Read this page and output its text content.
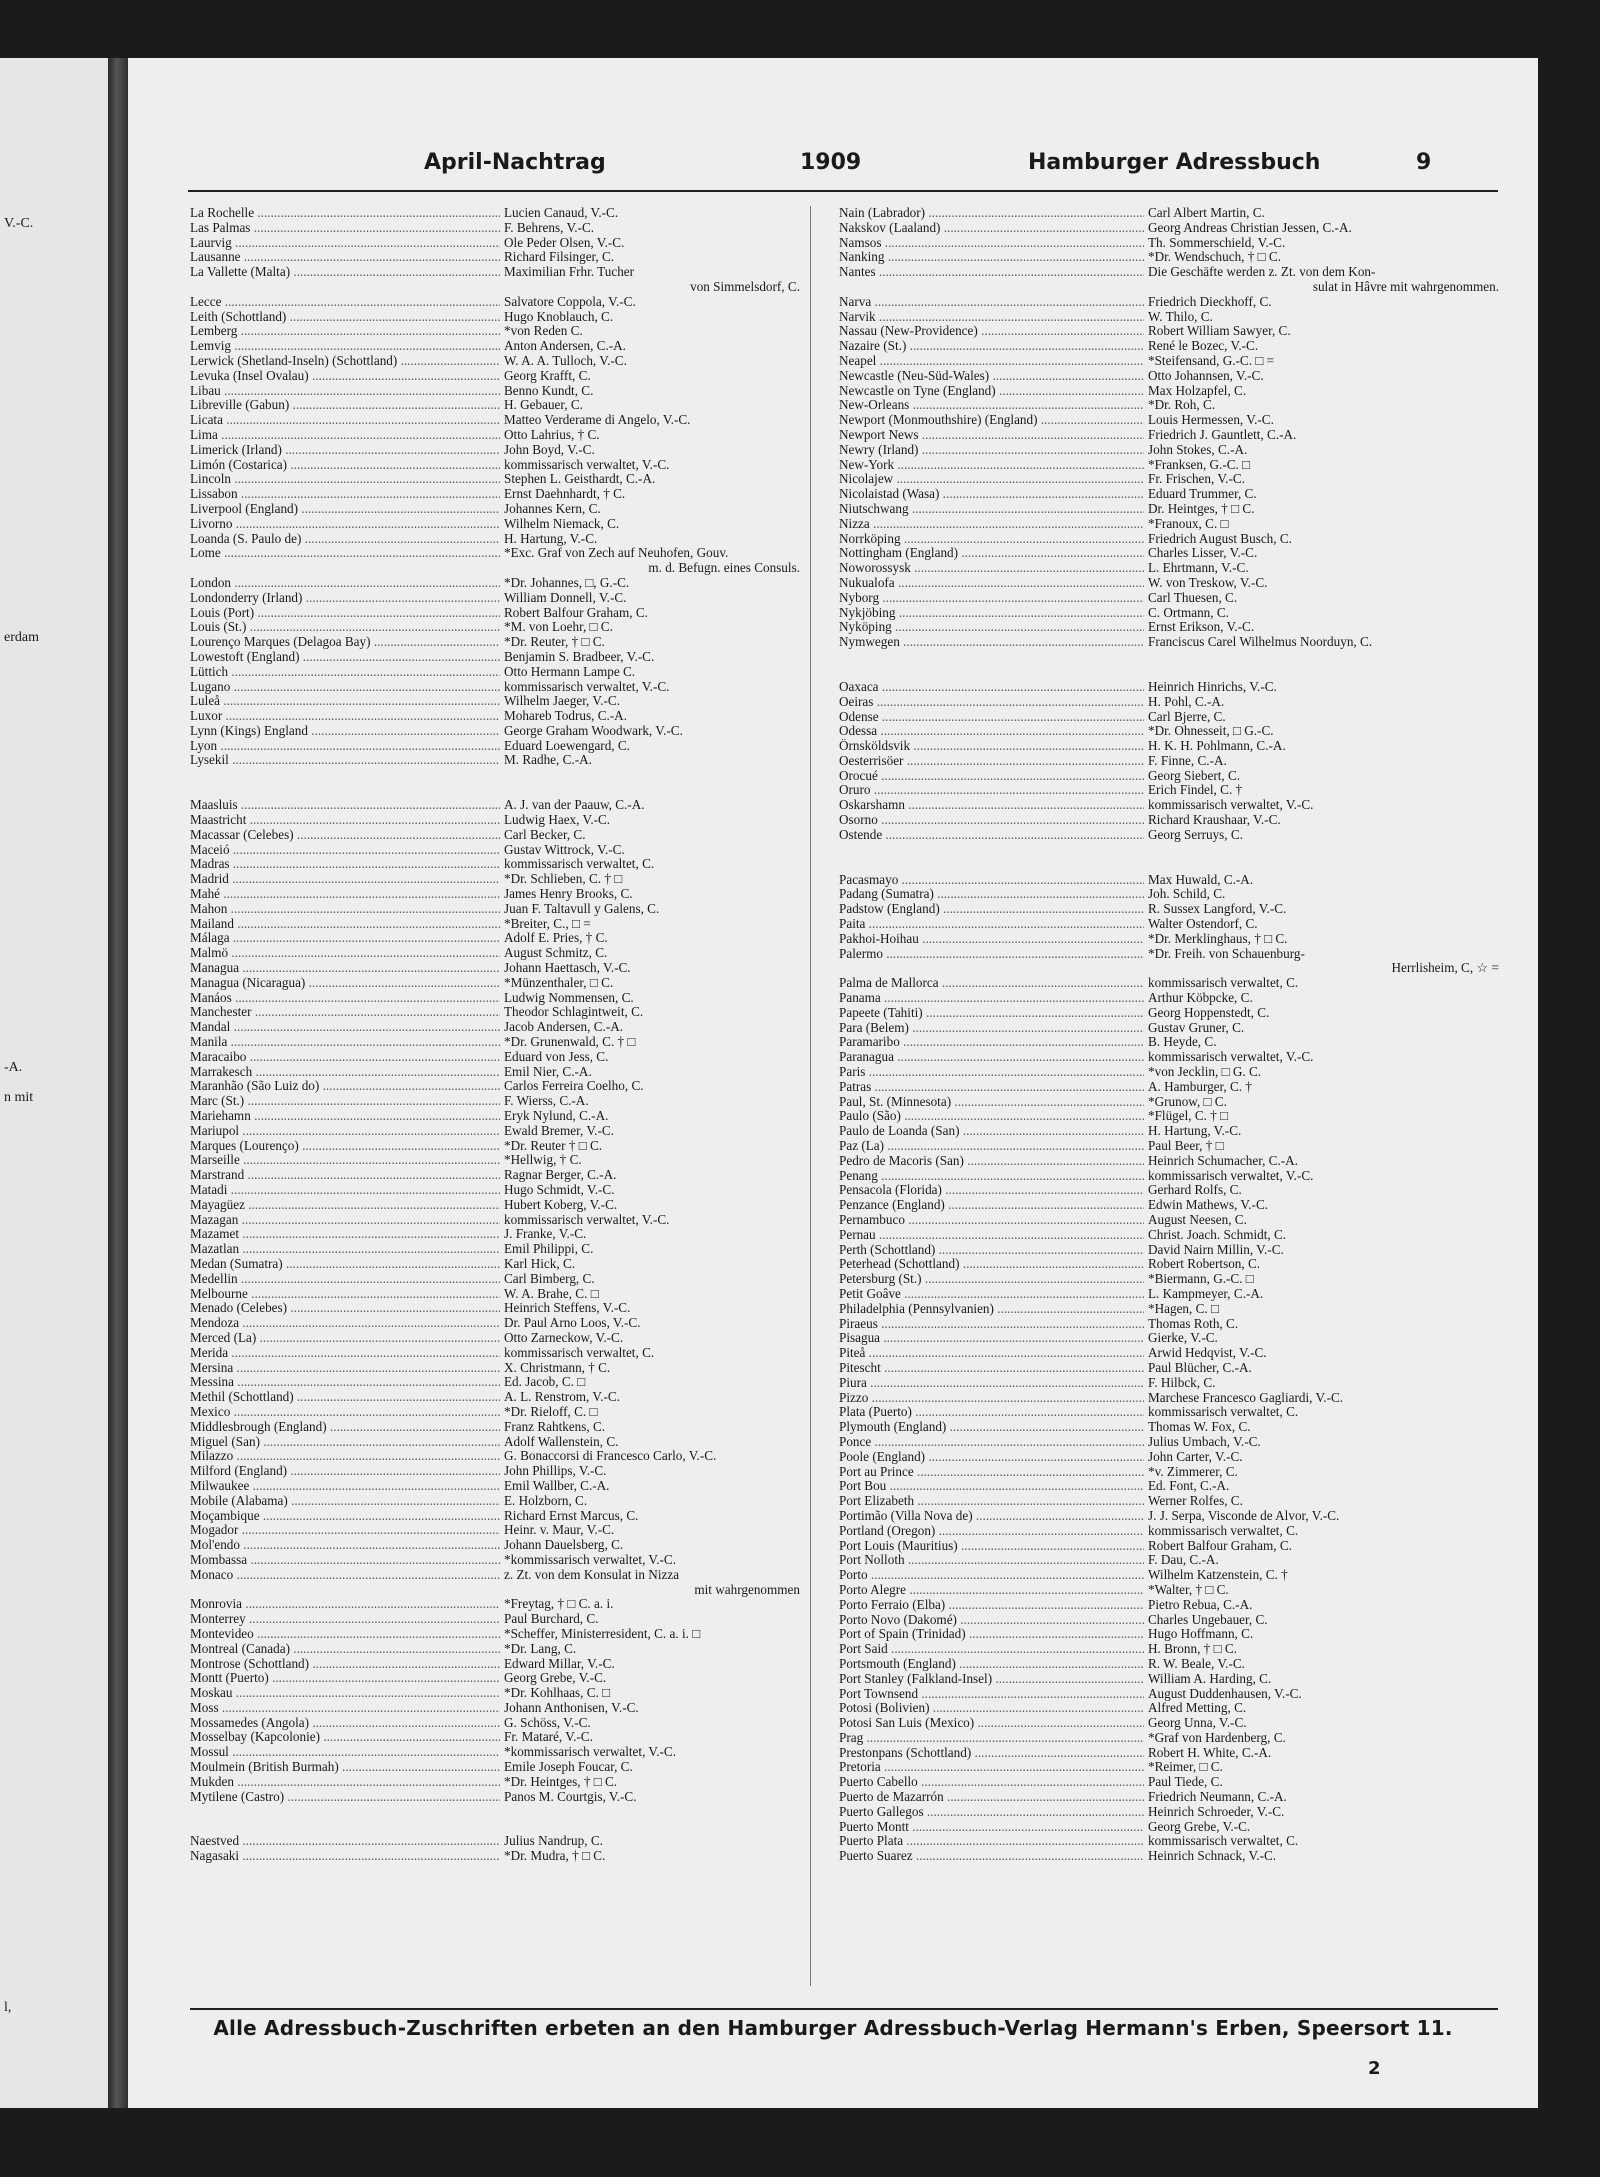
V.-C.
erdam
-A.
n mit
l,
April-Nachtrag	1909	Hamburger Adressbuch	9
La Rochelle .....	Lucien Canaud, V.-C.
Las Palmas .....	F. Behrens, V.-C.
Laurvig .....	Ole Peder Olsen, V.-C.
Lausanne .....	Richard Filsinger, C.
La Vallette (Malta) .....	Maximilian Frhr. Tucher
von Simmelsdorf, C.
Lecce .....	Salvatore Coppola, V.-C.
Leith (Schottland) .....	Hugo Knoblauch, C.
Lemberg .....	*von Reden C.
Lemvig .....	Anton Andersen, C.-A.
Lerwick (Shetland-Inseln) (Schottland) .....	W. A. A. Tulloch, V.-C.
Levuka (Insel Ovalau) .....	Georg Krafft, C.
Libau .....	Benno Kundt, C.
Libreville (Gabun) .....	H. Gebauer, C.
Licata .....	Matteo Verderame di Angelo, V.-C.
Lima .....	Otto Lahrius, † C.
Limerick (Irland) .....	John Boyd, V.-C.
Limón (Costarica) .....	kommissarisch verwaltet, V.-C.
Lincoln .....	Stephen L. Geisthardt, C.-A.
Lissabon .....	Ernst Daehnhardt, † C.
Liverpool (England) .....	Johannes Kern, C.
Livorno .....	Wilhelm Niemack, C.
Loanda (S. Paulo de) .....	H. Hartung, V.-C.
Lome .....	*Exc. Graf von Zech auf Neuhofen, Gouv.
m. d. Befugn. eines Consuls.
London .....	*Dr. Johannes, □, G.-C.
Londonderry (Irland) .....	William Donnell, V.-C.
Louis (Port) .....	Robert Balfour Graham, C.
Louis (St.) .....	*M. von Loehr, □ C.
Lourenço Marques (Delagoa Bay) .....	*Dr. Reuter, † □ C.
Lowestoft (England) .....	Benjamin S. Bradbeer, V.-C.
Lüttich .....	Otto Hermann Lampe C.
Lugano .....	kommissarisch verwaltet, V.-C.
Luleå .....	Wilhelm Jaeger, V.-C.
Luxor .....	Mohareb Todrus, C.-A.
Lynn (Kings) England .....	George Graham Woodwark, V.-C.
Lyon .....	Eduard Loewengard, C.
Lysekil .....	M. Radhe, C.-A.
Maasluis .....	A. J. van der Paauw, C.-A.
Maastricht .....	Ludwig Haex, V.-C.
Macassar (Celebes) .....	Carl Becker, C.
Maceió .....	Gustav Wittrock, V.-C.
Madras .....	kommissarisch verwaltet, C.
Madrid .....	*Dr. Schlieben, C. † □
Mahé .....	James Henry Brooks, C.
Mahon .....	Juan F. Taltavull y Galens, C.
Mailand .....	*Breiter, C., □ =
Málaga .....	Adolf E. Pries, † C.
Malmö .....	August Schmitz, C.
Managua .....	Johann Haettasch, V.-C.
Managua (Nicaragua) .....	*Münzenthaler, □ C.
Manáos .....	Ludwig Nommensen, C.
Manchester .....	Theodor Schlagintweit, C.
Mandal .....	Jacob Andersen, C.-A.
Manila .....	*Dr. Grunenwald, C. † □
Maracaibo .....	Eduard von Jess, C.
Marrakesch .....	Emil Nier, C.-A.
Maranhão (São Luiz do) .....	Carlos Ferreira Coelho, C.
Marc (St.) .....	F. Wierss, C.-A.
Mariehamn .....	Eryk Nylund, C.-A.
Mariupol .....	Ewald Bremer, V.-C.
Marques (Lourenço) .....	*Dr. Reuter † □ C.
Marseille .....	*Hellwig, † C.
Marstrand .....	Ragnar Berger, C.-A.
Matadi .....	Hugo Schmidt, V.-C.
Mayagüez .....	Hubert Koberg, V.-C.
Mazagan .....	kommissarisch verwaltet, V.-C.
Mazamet .....	J. Franke, V.-C.
Mazatlan .....	Emil Philippi, C.
Medan (Sumatra) .....	Karl Hick, C.
Medellin .....	Carl Bimberg, C.
Melbourne .....	W. A. Brahe, C. □
Menado (Celebes) .....	Heinrich Steffens, V.-C.
Mendoza .....	Dr. Paul Arno Loos, V.-C.
Merced (La) .....	Otto Zarneckow, V.-C.
Merida .....	kommissarisch verwaltet, C.
Mersina .....	X. Christmann, † C.
Messina .....	Ed. Jacob, C. □
Methil (Schottland) .....	A. L. Renstrom, V.-C.
Mexico .....	*Dr. Rieloff, C. □
Middlesbrough (England) .....	Franz Rahtkens, C.
Miguel (San) .....	Adolf Wallenstein, C.
Milazzo .....	G. Bonaccorsi di Francesco Carlo, V.-C.
Milford (England) .....	John Phillips, V.-C.
Milwaukee .....	Emil Wallber, C.-A.
Mobile (Alabama) .....	E. Holzborn, C.
Moçambique .....	Richard Ernst Marcus, C.
Mogador .....	Heinr. v. Maur, V.-C.
Mol'endo .....	Johann Dauelsberg, C.
Mombassa .....	*kommissarisch verwaltet, V.-C.
Monaco .....	z. Zt. von dem Konsulat in Nizza
mit wahrgenommen
Monrovia .....	*Freytag, † □ C. a. i.
Monterrey .....	Paul Burchard, C.
Montevideo .....	*Scheffer, Ministerresident, C. a. i. □
Montreal (Canada) .....	*Dr. Lang, C.
Montrose (Schottland) .....	Edward Millar, V.-C.
Montt (Puerto) .....	Georg Grebe, V.-C.
Moskau .....	*Dr. Kohlhaas, C. □
Moss .....	Johann Anthonisen, V.-C.
Mossamedes (Angola) .....	G. Schöss, V.-C.
Mosselbay (Kapcolonie) .....	Fr. Mataré, V.-C.
Mossul .....	*kommissarisch verwaltet, V.-C.
Moulmein (British Burmah) .....	Emile Joseph Foucar, C.
Mukden .....	*Dr. Heintges, † □ C.
Mytilene (Castro) .....	Panos M. Courtgis, V.-C.
Naestved .....	Julius Nandrup, C.
Nagasaki .....	*Dr. Mudra, † □ C.
Nain (Labrador) .....	Carl Albert Martin, C.
Nakskov (Laaland) .....	Georg Andreas Christian Jessen, C.-A.
Namsos .....	Th. Sommerschield, V.-C.
Nanking .....	*Dr. Wendschuch, † □ C.
Nantes .....	Die Geschäfte werden z. Zt. von dem Kon-
sulat in Hâvre mit wahrgenommen.
Narva .....	Friedrich Dieckhoff, C.
Narvik .....	W. Thilo, C.
Nassau (New-Providence) .....	Robert William Sawyer, C.
Nazaire (St.) .....	René le Bozec, V.-C.
Neapel .....	*Steifensand, G.-C. □ =
Newcastle (Neu-Süd-Wales) .....	Otto Johannsen, V.-C.
Newcastle on Tyne (England) .....	Max Holzapfel, C.
New-Orleans .....	*Dr. Roh, C.
Newport (Monmouthshire) (England) .....	Louis Hermessen, V.-C.
Newport News .....	Friedrich J. Gauntlett, C.-A.
Newry (Irland) .....	John Stokes, C.-A.
New-York .....	*Franksen, G.-C. □
Nicolajew .....	Fr. Frischen, V.-C.
Nicolaistad (Wasa) .....	Eduard Trummer, C.
Niutschwang .....	Dr. Heintges, † □ C.
Nizza .....	*Franoux, C. □
Norrköping .....	Friedrich August Busch, C.
Nottingham (England) .....	Charles Lisser, V.-C.
Noworossysk .....	L. Ehrtmann, V.-C.
Nukualofa .....	W. von Treskow, V.-C.
Nyborg .....	Carl Thuesen, C.
Nykjöbing .....	C. Ortmann, C.
Nyköping .....	Ernst Erikson, V.-C.
Nymwegen .....	Franciscus Carel Wilhelmus Noorduyn, C.
Oaxaca .....	Heinrich Hinrichs, V.-C.
Oeiras .....	H. Pohl, C.-A.
Odense .....	Carl Bjerre, C.
Odessa .....	*Dr. Ohnesseit, □ G.-C.
Örnsköldsvik .....	H. K. H. Pohlmann, C.-A.
Oesterrisöer .....	F. Finne, C.-A.
Orocué .....	Georg Siebert, C.
Oruro .....	Erich Findel, C. †
Oskarshamn .....	kommissarisch verwaltet, V.-C.
Osorno .....	Richard Kraushaar, V.-C.
Ostende .....	Georg Serruys, C.
Pacasmayo .....	Max Huwald, C.-A.
Padang (Sumatra) .....	Joh. Schild, C.
Padstow (England) .....	R. Sussex Langford, V.-C.
Paita .....	Walter Ostendorf, C.
Pakhoi-Hoihau .....	*Dr. Merklinghaus, † □ C.
Palermo .....	*Dr. Freih. von Schauenburg-
Herrlisheim, C, ☆ =
Palma de Mallorca .....	kommissarisch verwaltet, C.
Panama .....	Arthur Köbpcke, C.
Papeete (Tahiti) .....	Georg Hoppenstedt, C.
Para (Belem) .....	Gustav Gruner, C.
Paramaribo .....	B. Heyde, C.
Paranagua .....	kommissarisch verwaltet, V.-C.
Paris .....	*von Jecklin, □ G. C.
Patras .....	A. Hamburger, C. †
Paul, St. (Minnesota) .....	*Grunow, □ C.
Paulo (São) .....	*Flügel, C. † □
Paulo de Loanda (San) .....	H. Hartung, V.-C.
Paz (La) .....	Paul Beer, † □
Pedro de Macoris (San) .....	Heinrich Schumacher, C.-A.
Penang .....	kommissarisch verwaltet, V.-C.
Pensacola (Florida) .....	Gerhard Rolfs, C.
Penzance (England) .....	Edwin Mathews, V.-C.
Pernambuco .....	August Neesen, C.
Pernau .....	Christ. Joach. Schmidt, C.
Perth (Schottland) .....	David Nairn Millin, V.-C.
Peterhead (Schottland) .....	Robert Robertson, C.
Petersburg (St.) .....	*Biermann, G.-C. □
Petit Goâve .....	L. Kampmeyer, C.-A.
Philadelphia (Pennsylvanien) .....	*Hagen, C. □
Piraeus .....	Thomas Roth, C.
Pisagua .....	Gierke, V.-C.
Piteå .....	Arwid Hedqvist, V.-C.
Pitescht .....	Paul Blücher, C.-A.
Piura .....	F. Hilbck, C.
Pizzo .....	Marchese Francesco Gagliardi, V.-C.
Plata (Puerto) .....	kommissarisch verwaltet, C.
Plymouth (England) .....	Thomas W. Fox, C.
Ponce .....	Julius Umbach, V.-C.
Poole (England) .....	John Carter, V.-C.
Port au Prince .....	*v. Zimmerer, C.
Port Bou .....	Ed. Font, C.-A.
Port Elizabeth .....	Werner Rolfes, C.
Portimão (Villa Nova de) .....	J. J. Serpa, Visconde de Alvor, V.-C.
Portland (Oregon) .....	kommissarisch verwaltet, C.
Port Louis (Mauritius) .....	Robert Balfour Graham, C.
Port Nolloth .....	F. Dau, C.-A.
Porto .....	Wilhelm Katzenstein, C. †
Porto Alegre .....	*Walter, † □ C.
Porto Ferraio (Elba) .....	Pietro Rebua, C.-A.
Porto Novo (Dakomé) .....	Charles Ungebauer, C.
Port of Spain (Trinidad) .....	Hugo Hoffmann, C.
Port Said .....	H. Bronn, † □ C.
Portsmouth (England) .....	R. W. Beale, V.-C.
Port Stanley (Falkland-Insel) .....	William A. Harding, C.
Port Townsend .....	August Duddenhausen, V.-C.
Potosi (Bolivien) .....	Alfred Metting, C.
Potosi San Luis (Mexico) .....	Georg Unna, V.-C.
Prag .....	*Graf von Hardenberg, C.
Prestonpans (Schottland) .....	Robert H. White, C.-A.
Pretoria .....	*Reimer, □ C.
Puerto Cabello .....	Paul Tiede, C.
Puerto de Mazarrón .....	Friedrich Neumann, C.-A.
Puerto Gallegos .....	Heinrich Schroeder, V.-C.
Puerto Montt .....	Georg Grebe, V.-C.
Puerto Plata .....	kommissarisch verwaltet, C.
Puerto Suarez .....	Heinrich Schnack, V.-C.
Alle Adressbuch-Zuschriften erbeten an den Hamburger Adressbuch-Verlag Hermann's Erben, Speersort 11.
2
